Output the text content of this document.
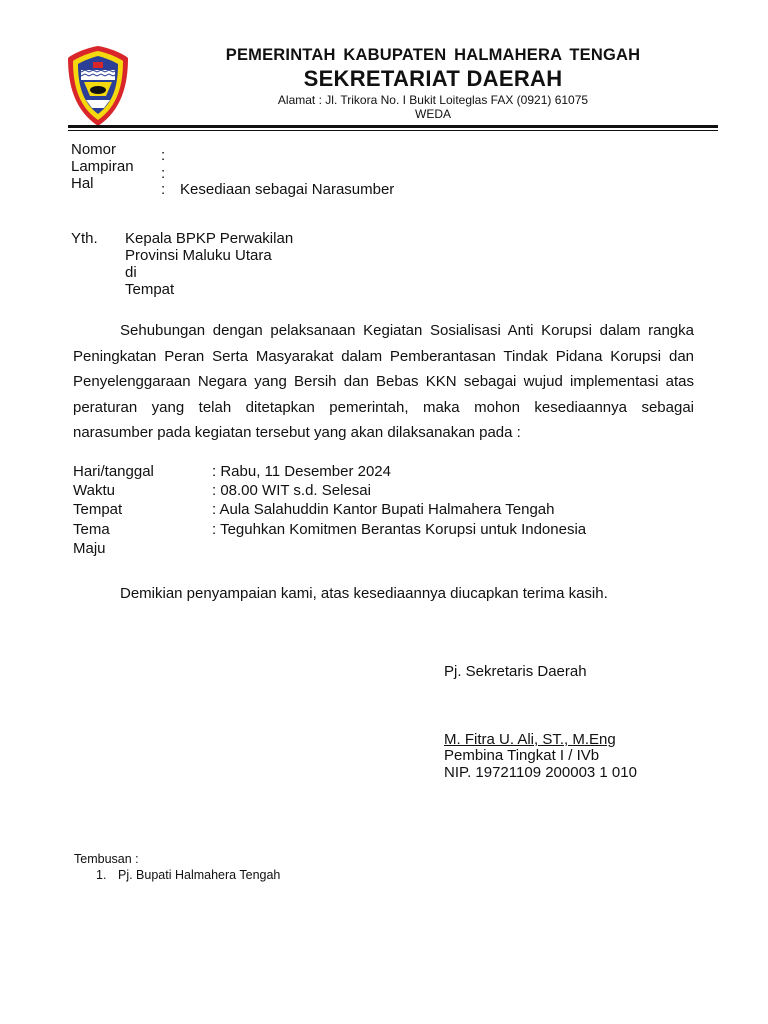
PEMERINTAH KABUPATEN HALMAHERA TENGAH
SEKRETARIAT DAERAH
Alamat : Jl. Trikora No. I Bukit Loiteglas FAX (0921) 61075
WEDA
Nomor	:
Lampiran :
Hal	: Kesediaan sebagai Narasumber
Yth. Kepala BPKP Perwakilan
Provinsi Maluku Utara
di
Tempat
Sehubungan dengan pelaksanaan Kegiatan Sosialisasi Anti Korupsi dalam rangka
Peningkatan Peran Serta Masyarakat dalam Pemberantasan Tindak Pidana Korupsi dan
Penyelenggaraan Negara yang Bersih dan Bebas KKN sebagai wujud implementasi atas
peraturan yang telah ditetapkan pemerintah, maka mohon kesediaannya sebagai
narasumber pada kegiatan tersebut yang akan dilaksanakan pada :
Hari/tanggal	: Rabu, 11 Desember 2024
Waktu	: 08.00 WIT s.d. Selesai
Tempat	: Aula Salahuddin Kantor Bupati Halmahera Tengah
Tema	: Teguhkan Komitmen Berantas Korupsi untuk Indonesia
Maju
Demikian penyampaian kami, atas kesediaannya diucapkan terima kasih.
Pj. Sekretaris Daerah
M. Fitra U. Ali, ST., M.Eng
Pembina Tingkat I / IVb
NIP. 19721109 200003 1 010
Tembusan :
1. Pj. Bupati Halmahera Tengah
